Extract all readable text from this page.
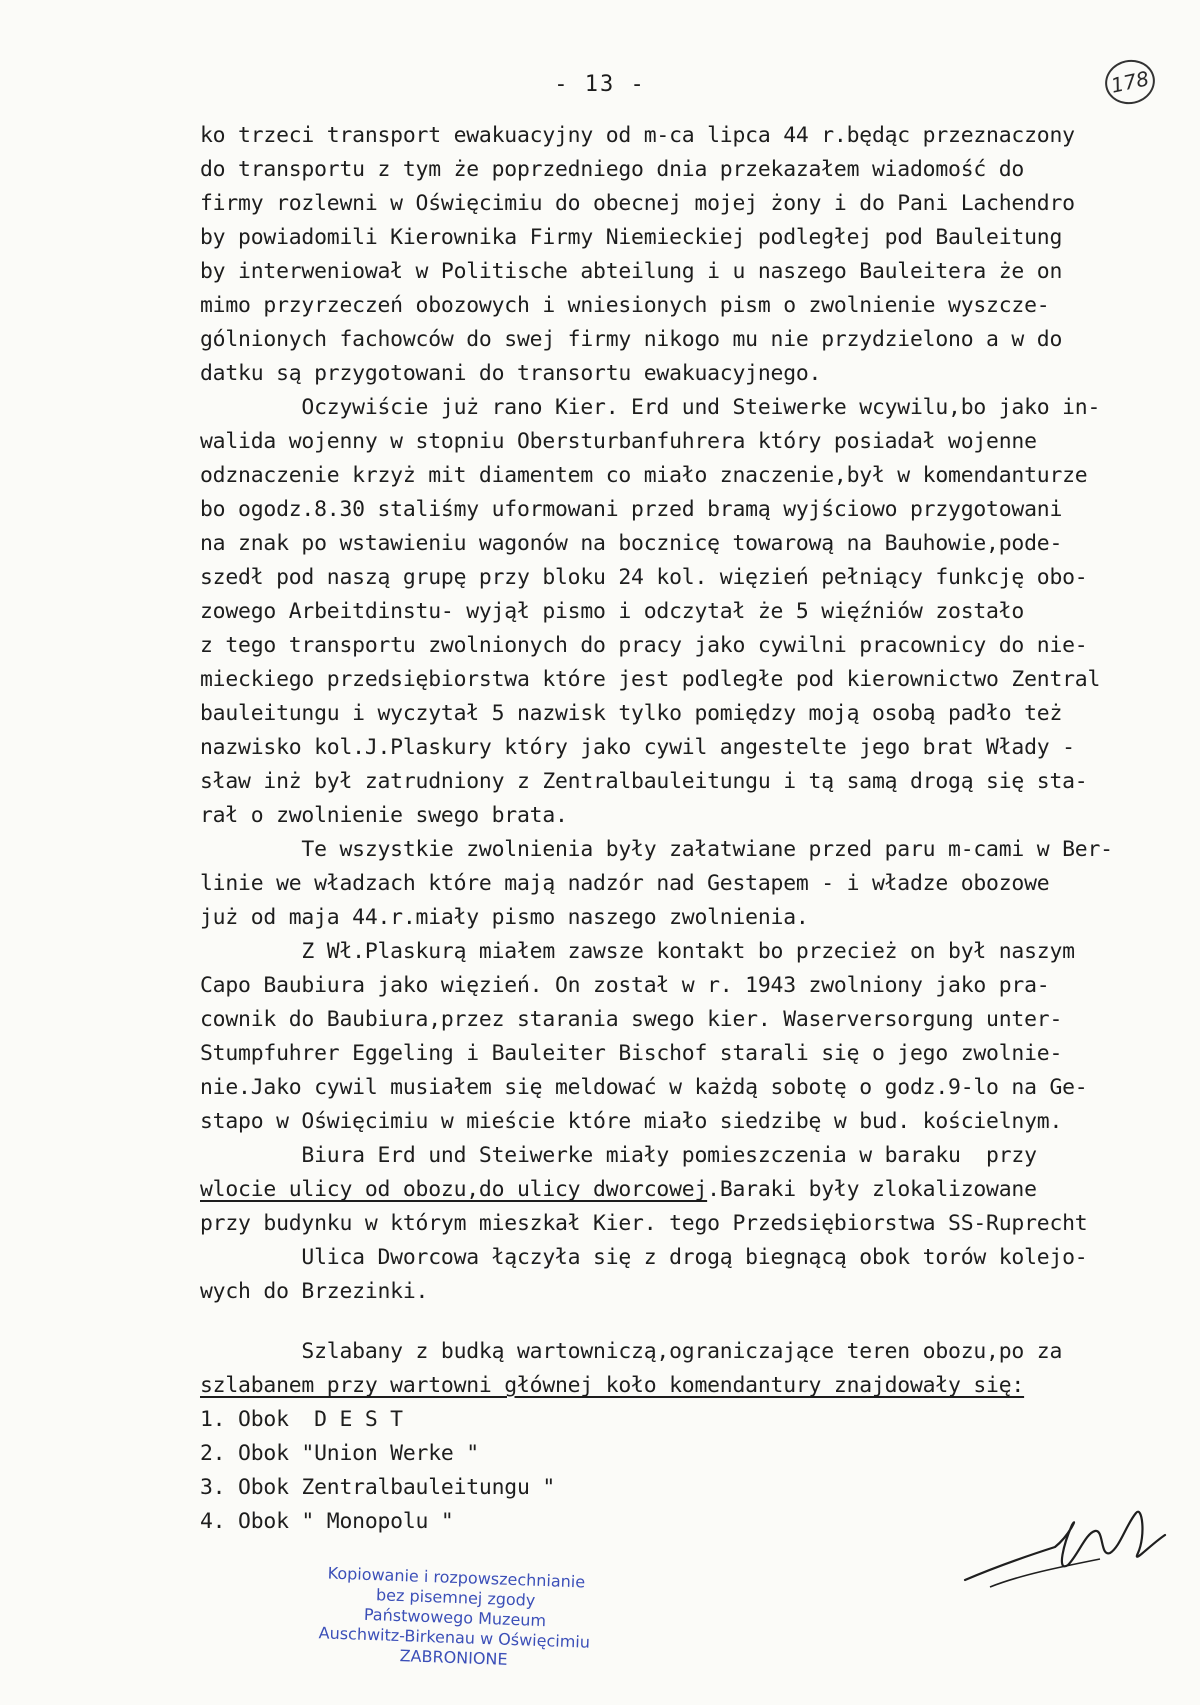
- 13 -	178
ko trzeci transport ewakuacyjny od m-ca lipca 44 r.będąc przeznaczony
do transportu z tym że poprzedniego dnia przekazałem wiadomość do
firmy rozlewni w Oświęcimiu do obecnej mojej żony i do Pani Lachendro
by powiadomili Kierownika Firmy Niemieckiej podległej pod Bauleitung
by interweniował w Politische abteilung i u naszego Bauleitera że on
mimo przyrzeczeń obozowych i wniesionych pism o zwolnienie wyszcze-
gólnionych fachowców do swej firmy nikogo mu nie przydzielono a w do
datku są przygotowani do transortu ewakuacyjnego.
Oczywiście już rano Kier. Erd und Steiwerke wcywilu,bo jako in-
walida wojenny w stopniu Obersturbanfuhrera który posiadał wojenne
odznaczenie krzyż mit diamentem co miało znaczenie,był w komendanturze
bo ogodz.8.30 staliśmy uformowani przed bramą wyjściowo przygotowani
na znak po wstawieniu wagonów na bocznicę towarową na Bauhowie,pode-
szedł pod naszą grupę przy bloku 24 kol. więzień pełniący funkcję obo-
zowego Arbeitdinstu- wyjął pismo i odczytał że 5 więźniów zostało
z tego transportu zwolnionych do pracy jako cywilni pracownicy do nie-
mieckiego przedsiębiorstwa które jest podległe pod kierownictwo Zentral
bauleitungu i wyczytał 5 nazwisk tylko pomiędzy moją osobą padło też
nazwisko kol.J.Plaskury który jako cywil angestelte jego brat Włady -
sław inż był zatrudniony z Zentralbauleitungu i tą samą drogą się sta-
rał o zwolnienie swego brata.
Te wszystkie zwolnienia były załatwiane przed paru m-cami w Ber-
linie we władzach które mają nadzór nad Gestapem - i władze obozowe
już od maja 44.r.miały pismo naszego zwolnienia.
Z Wł.Plaskurą miałem zawsze kontakt bo przecież on był naszym
Capo Baubiura jako więzień. On został w r. 1943 zwolniony jako pra-
cownik do Baubiura,przez starania swego kier. Waserversorgung unter-
Stumpfuhrer Eggeling i Bauleiter Bischof starali się o jego zwolnie-
nie.Jako cywil musiałem się meldować w każdą sobotę o godz.9-lo na Ge-
stapo w Oświęcimiu w mieście które miało siedzibę w bud. kościelnym.
Biura Erd und Steiwerke miały pomieszczenia w baraku  przy
wlocie ulicy od obozu,do ulicy dworcowej.Baraki były zlokalizowane
przy budynku w którym mieszkał Kier. tego Przedsiębiorstwa SS-Ruprecht
Ulica Dworcowa łączyła się z drogą biegnącą obok torów kolejo-
wych do Brzezinki.
Szlabany z budką wartowniczą,ograniczające teren obozu,po za
szlabanem przy wartowni głównej koło komendantury znajdowały się:
1. Obok  D E S T
2. Obok "Union Werke "
3. Obok Zentralbauleitungu "
4. Obok " Monopolu "
Kopiowanie i rozpowszechnianie
bez pisemnej zgody
Państwowego Muzeum
Auschwitz-Birkenau w Oświęcimiu
ZABRONIONE
